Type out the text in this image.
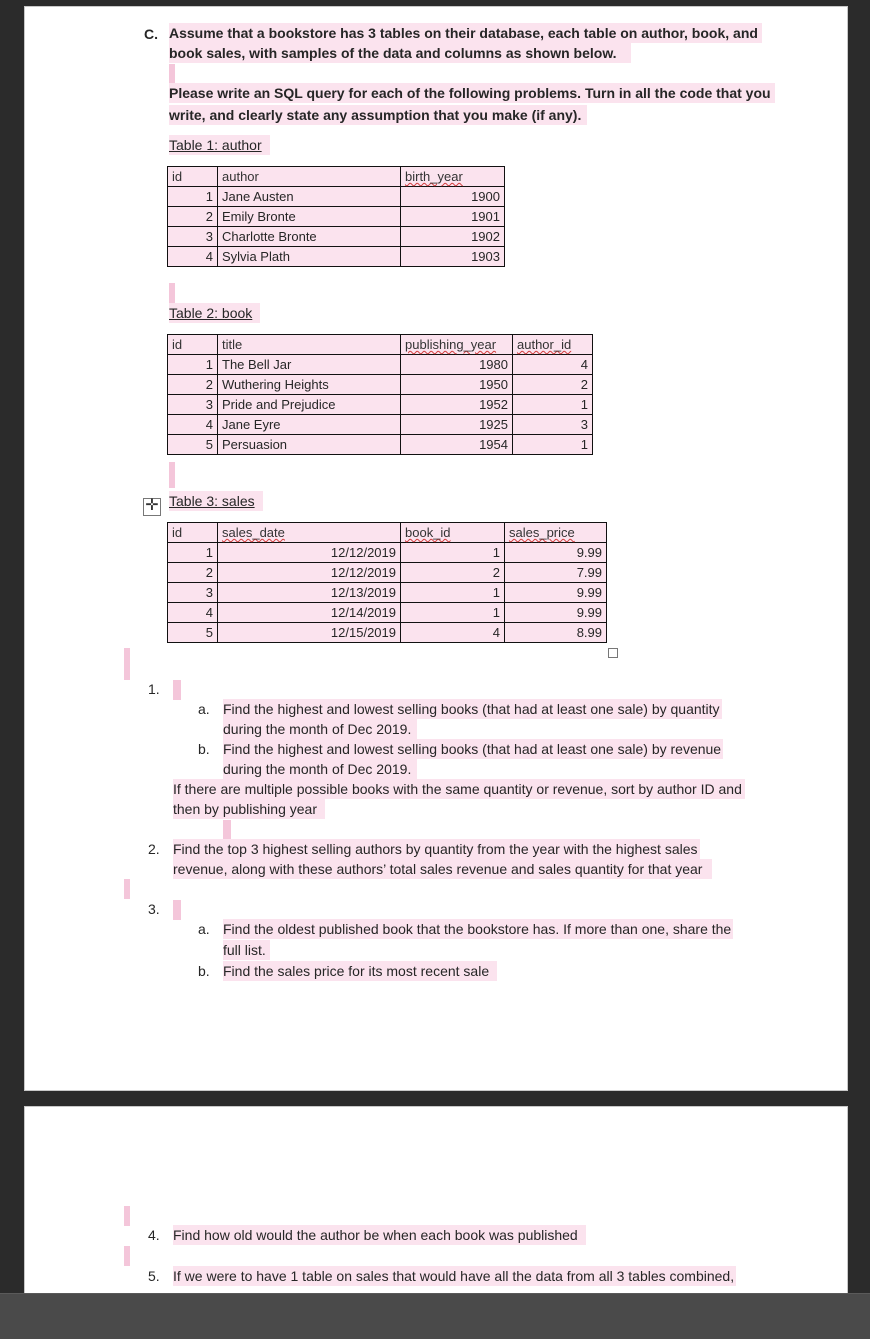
C. Assume that a bookstore has 3 tables on their database, each table on author, book, and
book sales, with samples of the data and columns as shown below.
Please write an SQL query for each of the following problems. Turn in all the code that you
write, and clearly state any assumption that you make (if any).
Table 1: author
id	author	birth_year
1	Jane Austen	1900
2	Emily Bronte	1901
3	Charlotte Bronte	1902
4	Sylvia Plath	1903
Table 2: book
id	title	publishing_year	author_id
1	The Bell Jar	1980	4
2	Wuthering Heights	1950	2
3	Pride and Prejudice	1952	1
4	Jane Eyre	1925	3
5	Persuasion	1954	1
✛ Table 3: sales
id	sales_date	book_id	sales_price
1	12/12/2019	1	9.99
2	12/12/2019	2	7.99
3	12/13/2019	1	9.99
4	12/14/2019	1	9.99
5	12/15/2019	4	8.99
1.
a. Find the highest and lowest selling books (that had at least one sale) by quantity
during the month of Dec 2019.
b. Find the highest and lowest selling books (that had at least one sale) by revenue
during the month of Dec 2019.
If there are multiple possible books with the same quantity or revenue, sort by author ID and
then by publishing year
2. Find the top 3 highest selling authors by quantity from the year with the highest sales
revenue, along with these authors’ total sales revenue and sales quantity for that year
3.
a. Find the oldest published book that the bookstore has. If more than one, share the
full list.
b. Find the sales price for its most recent sale
4. Find how old would the author be when each book was published
5. If we were to have 1 table on sales that would have all the data from all 3 tables combined,
